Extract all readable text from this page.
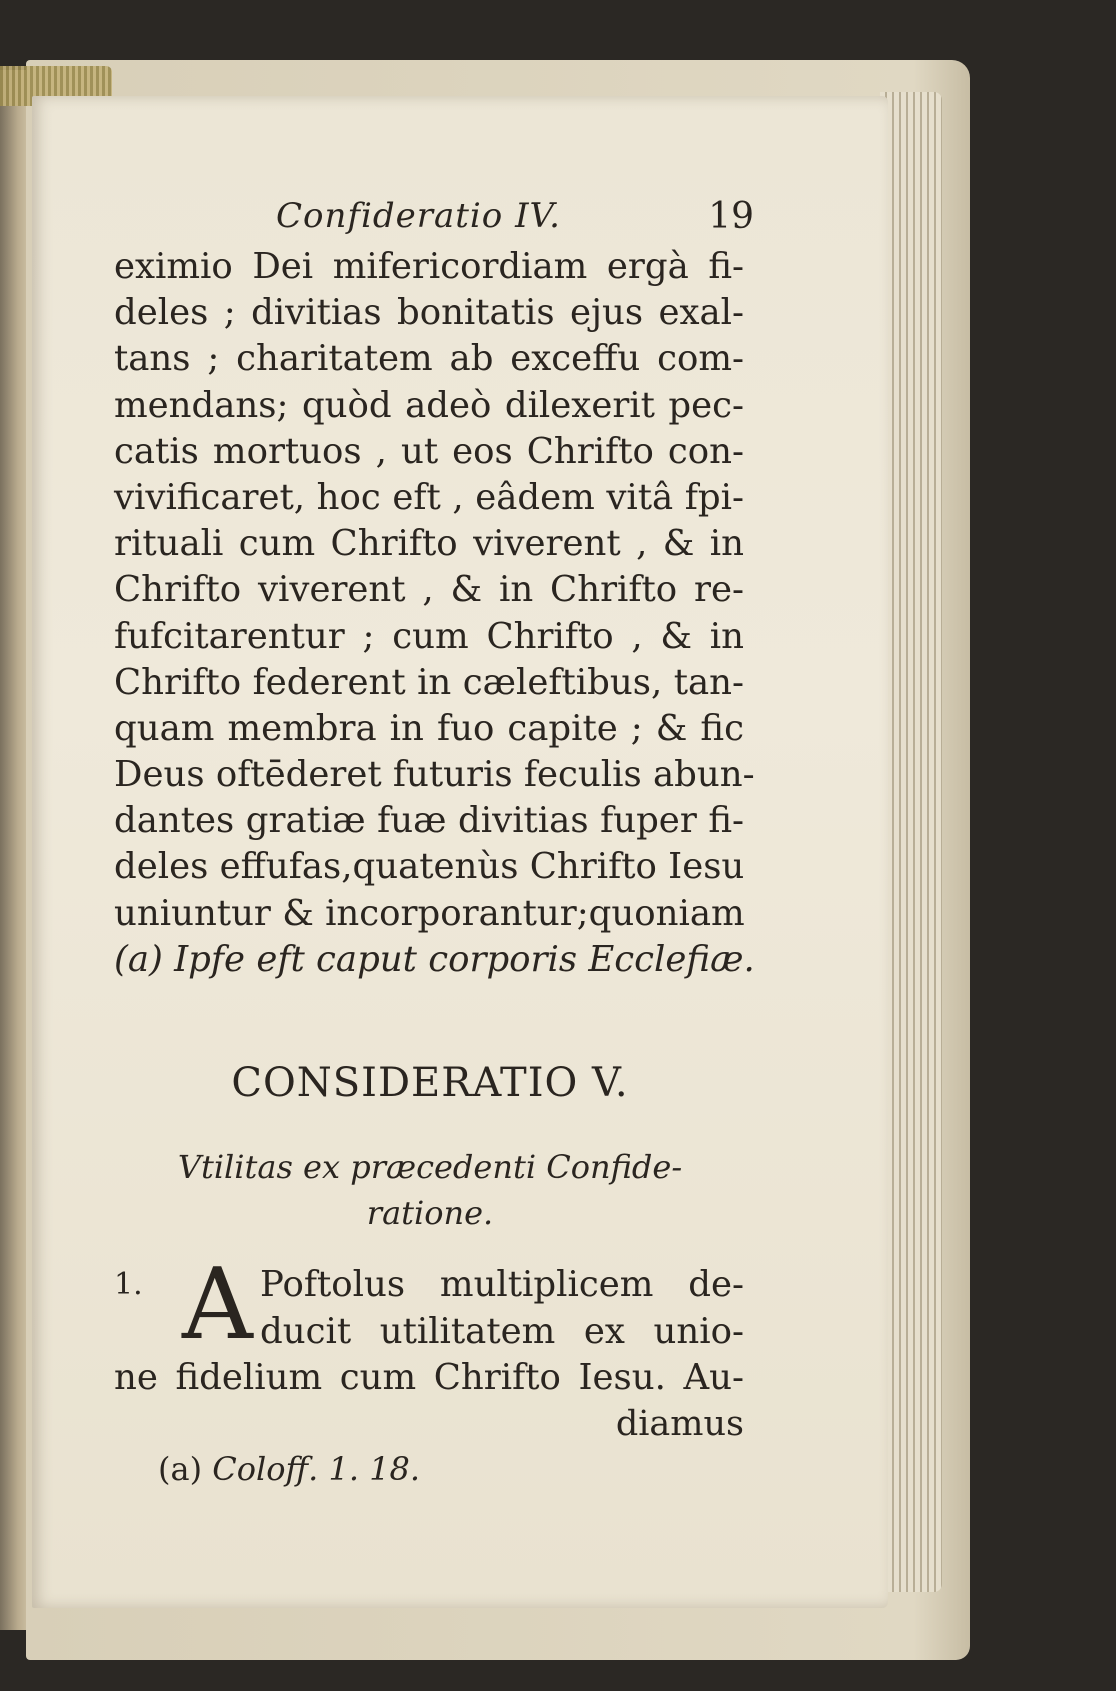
Confideratio IV.	19
eximio Dei mifericordiam ergà fi-
deles ; divitias bonitatis ejus exal-
tans ; charitatem ab exceffu com-
mendans; quòd adeò dilexerit pec-
catis mortuos , ut eos Chrifto con-
vivificaret, hoc eft , eâdem vitâ fpi-
rituali cum Chrifto viverent , & in
Chrifto viverent , & in Chrifto re-
fufcitarentur ; cum Chrifto , & in
Chrifto federent in cæleftibus, tan-
quam membra in fuo capite ; & fic
Deus oftēderet futuris feculis abun-
dantes gratiæ fuæ divitias fuper fi-
deles effufas,quatenùs Chrifto Iesu
uniuntur & incorporantur;quoniam
(a) Ipfe eft caput corporis Ecclefiæ.
CONSIDERATIO V.
Vtilitas ex præcedenti Confide-
ratione.
1. A Poftolus multiplicem de-
ducit utilitatem ex unio-
ne fidelium cum Chrifto Iesu. Au-
diamus
(a) Coloff. 1. 18.
